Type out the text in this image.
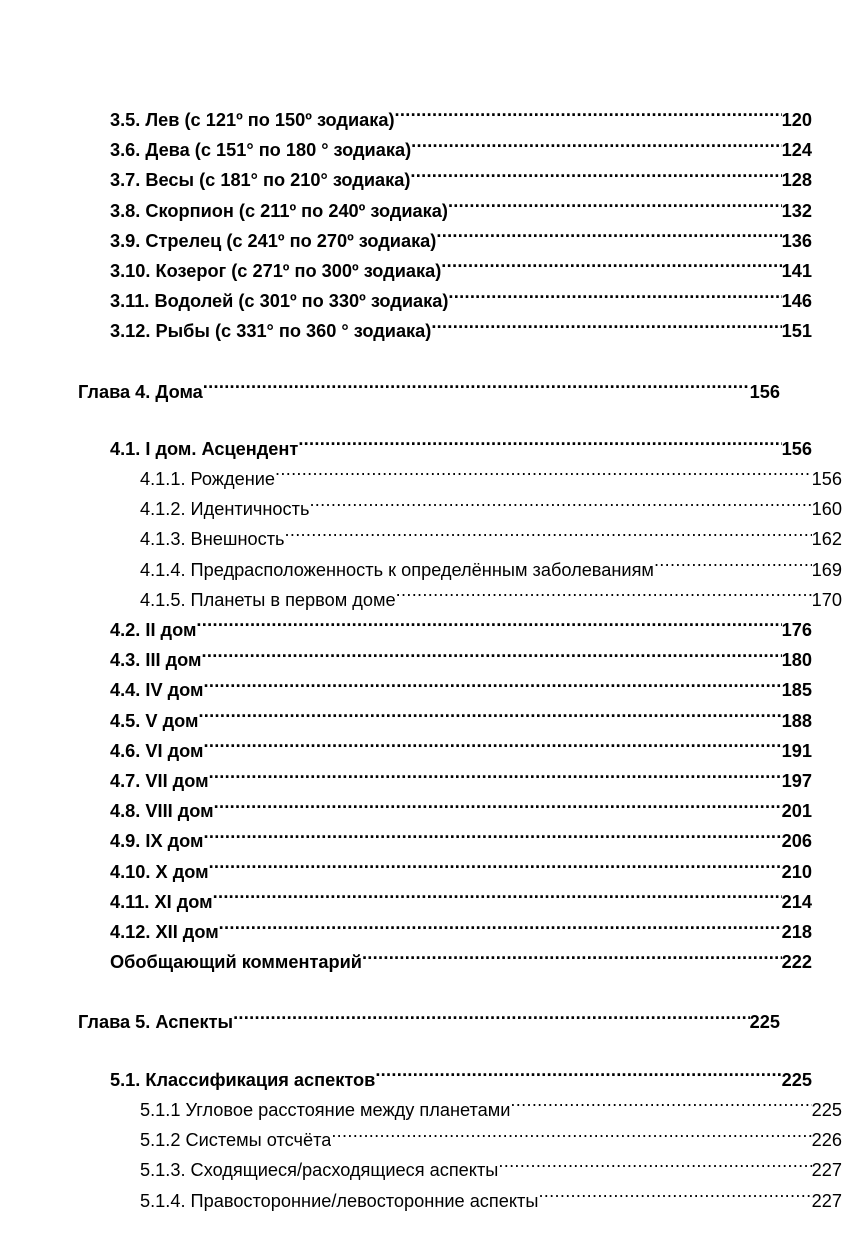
3.5. Лев (с 121º по 150º зодиака) .....	120
3.6. Дева (с 151° по 180 ° зодиака) .....	124
3.7. Весы (с 181° по 210° зодиака) .....	128
3.8. Скорпион (с 211º по 240º зодиака) .....	132
3.9. Стрелец (с 241º по 270º зодиака) .....	136
3.10. Козерог (с 271º по 300º зодиака) .....	141
3.11. Водолей (с 301º по 330º зодиака) .....	146
3.12. Рыбы (с 331° по 360 ° зодиака) .....	151
Глава 4. Дома .....	156
4.1. I дом. Асцендент .....	156
4.1.1. Рождение .....	156
4.1.2. Идентичность .....	160
4.1.3. Внешность .....	162
4.1.4. Предрасположенность к определённым заболеваниям .....	169
4.1.5. Планеты в первом доме .....	170
4.2. II дом .....	176
4.3. III дом .....	180
4.4. IV дом .....	185
4.5. V дом .....	188
4.6. VI дом .....	191
4.7. VII дом .....	197
4.8. VIII дом .....	201
4.9. IX дом .....	206
4.10. X дом .....	210
4.11. XI дом .....	214
4.12. XII дом .....	218
Обобщающий комментарий .....	222
Глава 5. Аспекты .....	225
5.1. Классификация аспектов .....	225
5.1.1 Угловое расстояние между планетами .....	225
5.1.2 Системы отсчёта .....	226
5.1.3. Сходящиеся/расходящиеся аспекты .....	227
5.1.4. Правосторонние/левосторонние аспекты .....	227
